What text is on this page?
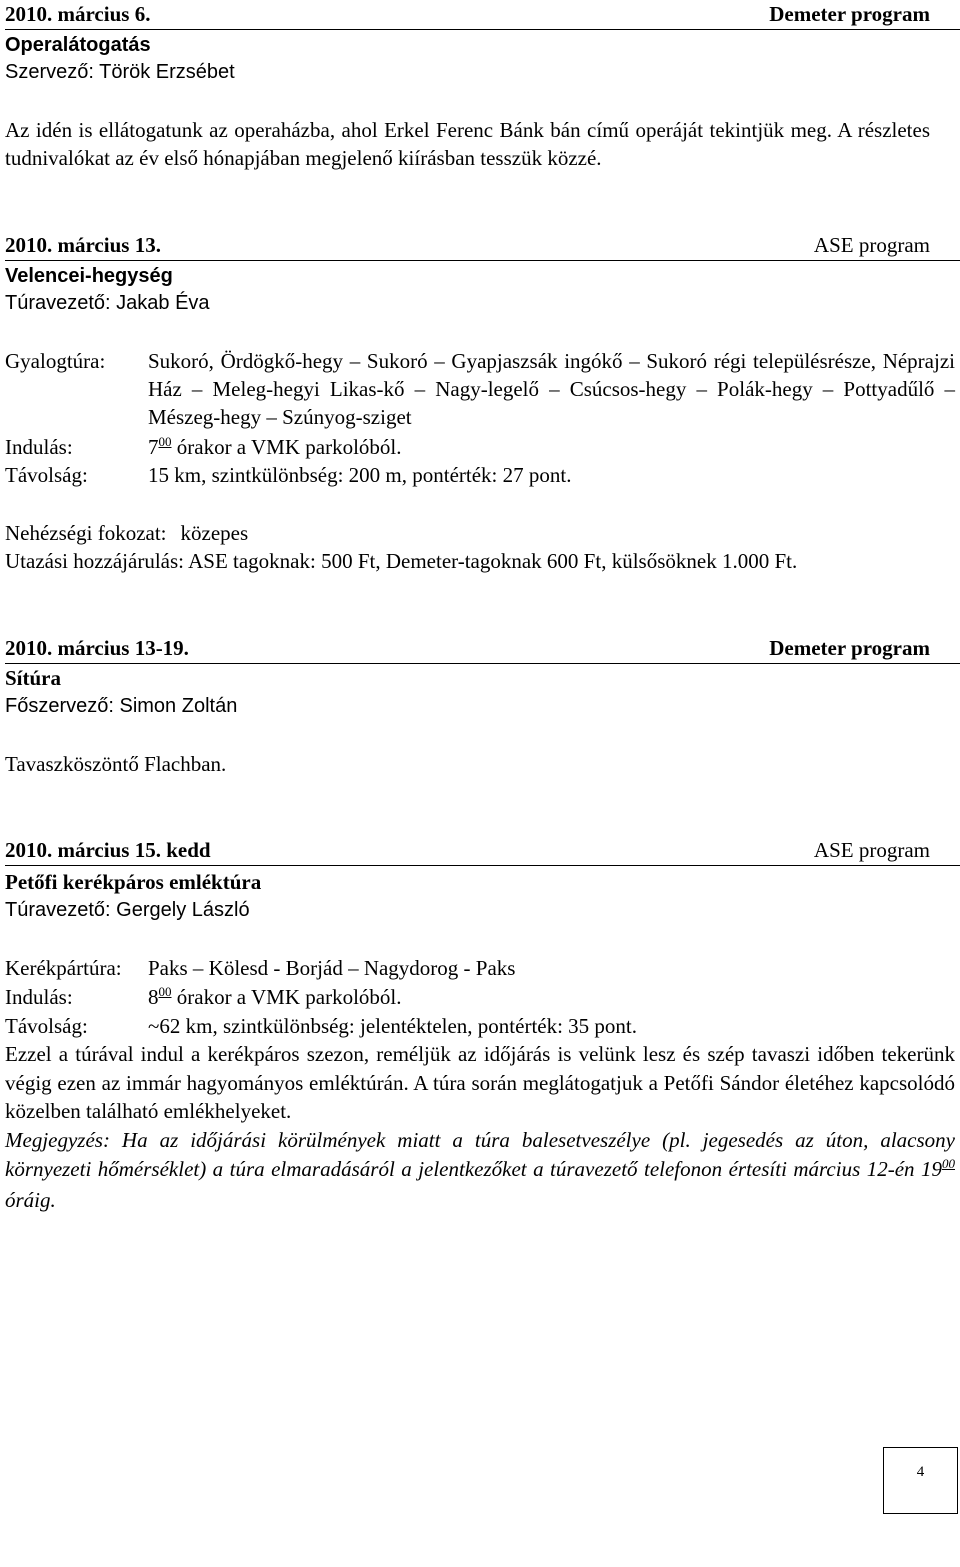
2010. március 6.	Demeter program
Operalátogatás
Szervező: Török Erzsébet
Az idén is ellátogatunk az operaházba, ahol Erkel Ferenc Bánk bán című operáját tekintjük meg. A részletes tudnivalókat az év első hónapjában megjelenő kiírásban tesszük közzé.
2010. március 13.	ASE program
Velencei-hegység
Túravezető: Jakab Éva
Gyalogtúra: Sukoró, Ördögkő-hegy – Sukoró – Gyapjaszsák ingókő – Sukoró régi településrésze, Néprajzi Ház – Meleg-hegyi Likas-kő – Nagy-legelő – Csúcsos-hegy – Polák-hegy – Pottyadűlő – Mészeg-hegy – Szúnyog-sziget
Indulás:	$7^{00}$ órakor a VMK parkolóból.
Távolság:	15 km, szintkülönbség: 200 m, pontérték: 27 pont.
Nehézségi fokozat: közepes
Utazási hozzájárulás: ASE tagoknak: 500 Ft, Demeter-tagoknak 600 Ft, külsősöknek 1.000 Ft.
2010. március 13-19.	Demeter program
Sítúra
Főszervező: Simon Zoltán
Tavaszköszöntő Flachban.
2010. március 15. kedd	ASE program
Petőfi kerékpáros emléktúra
Túravezető: Gergely László
Kerékpártúra: Paks – Kölesd - Borjád – Nagydorog - Paks
Indulás:	$8^{00}$ órakor a VMK parkolóból.
Távolság:	~62 km, szintkülönbség: jelentéktelen, pontérték: 35 pont.
Ezzel a túrával indul a kerékpáros szezon, reméljük az időjárás is velünk lesz és szép tavaszi időben tekerünk végig ezen az immár hagyományos emléktúrán. A túra során meglátogatjuk a Petőfi Sándor életéhez kapcsolódó közelben található emlékhelyeket.
Megjegyzés: Ha az időjárási körülmények miatt a túra balesetveszélye (pl. jegesedés az úton, alacsony környezeti hőmérséklet) a túra elmaradásáról a jelentkezőket a túravezető telefonon értesíti március 12-én $19^{00}$ óráig.
4
